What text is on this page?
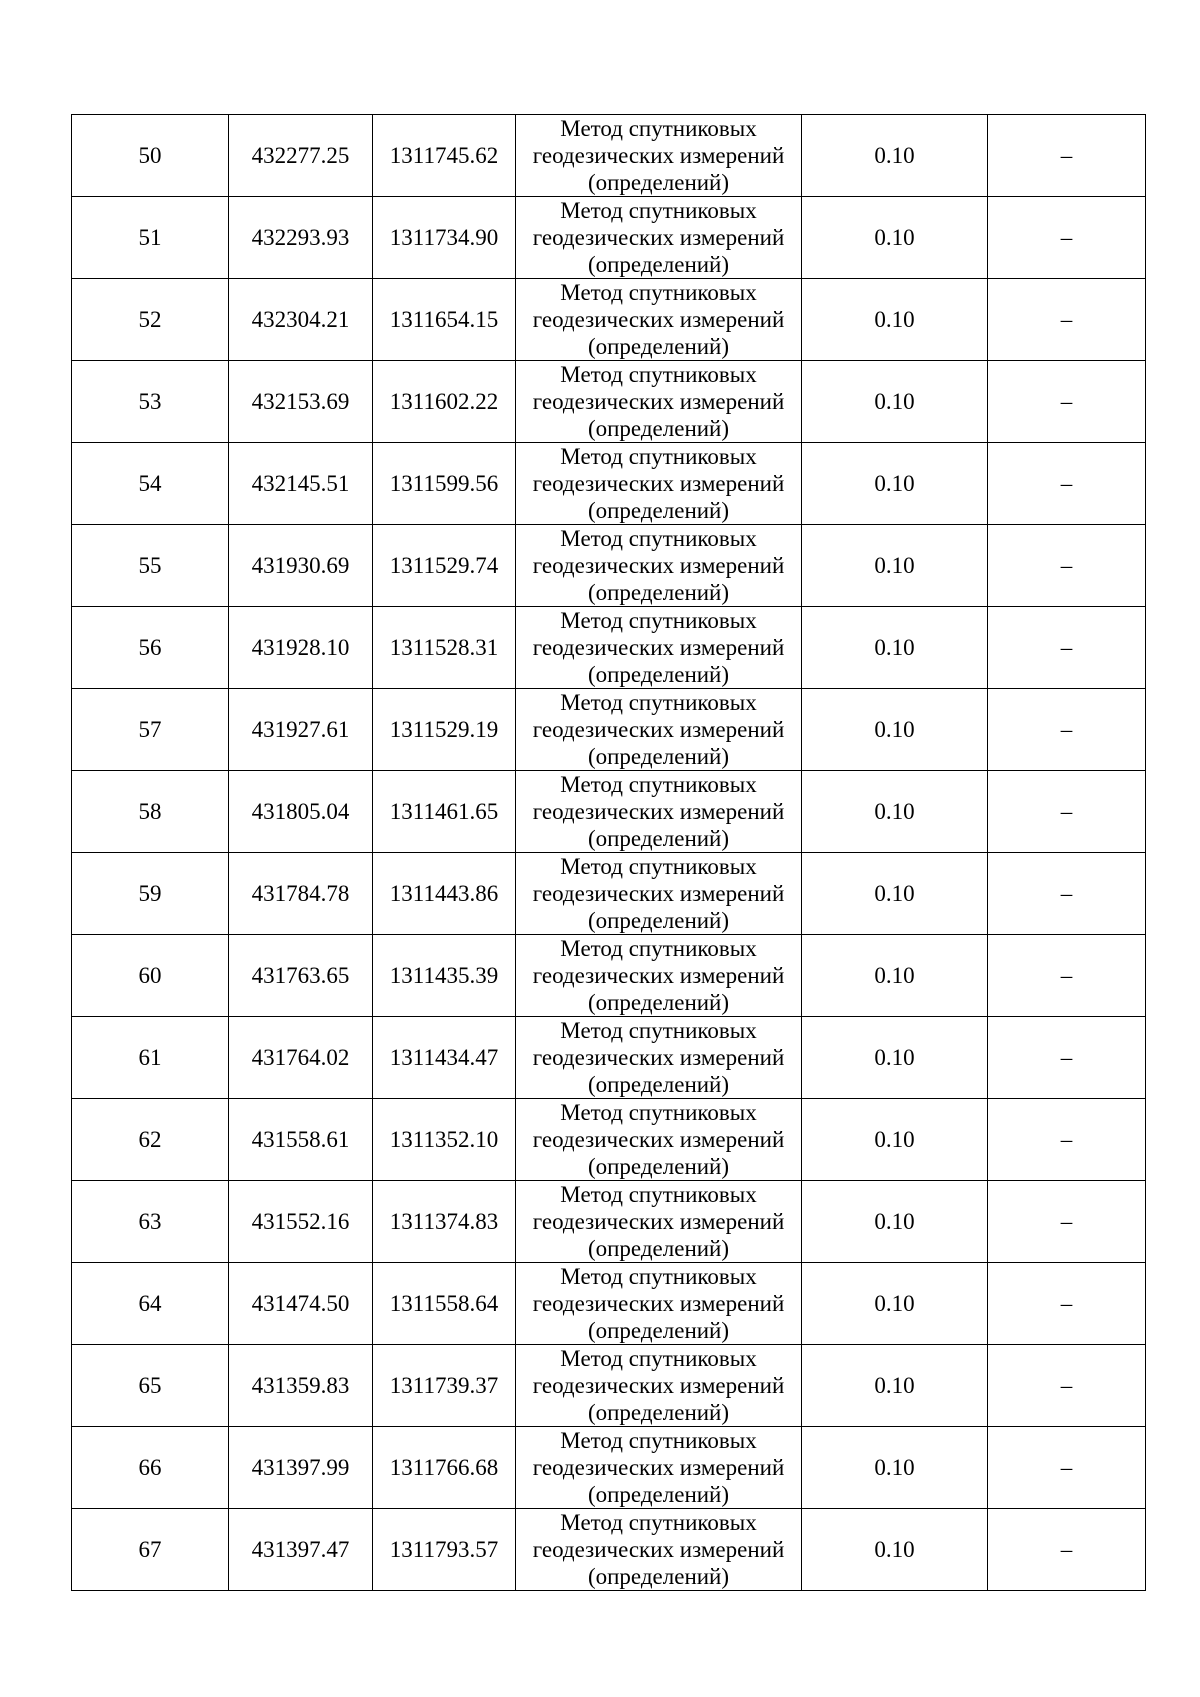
50	432277.25	1311745.62	Метод спутниковых
геодезических измерений
(определений)	0.10	–
51	432293.93	1311734.90	Метод спутниковых
геодезических измерений
(определений)	0.10	–
52	432304.21	1311654.15	Метод спутниковых
геодезических измерений
(определений)	0.10	–
53	432153.69	1311602.22	Метод спутниковых
геодезических измерений
(определений)	0.10	–
54	432145.51	1311599.56	Метод спутниковых
геодезических измерений
(определений)	0.10	–
55	431930.69	1311529.74	Метод спутниковых
геодезических измерений
(определений)	0.10	–
56	431928.10	1311528.31	Метод спутниковых
геодезических измерений
(определений)	0.10	–
57	431927.61	1311529.19	Метод спутниковых
геодезических измерений
(определений)	0.10	–
58	431805.04	1311461.65	Метод спутниковых
геодезических измерений
(определений)	0.10	–
59	431784.78	1311443.86	Метод спутниковых
геодезических измерений
(определений)	0.10	–
60	431763.65	1311435.39	Метод спутниковых
геодезических измерений
(определений)	0.10	–
61	431764.02	1311434.47	Метод спутниковых
геодезических измерений
(определений)	0.10	–
62	431558.61	1311352.10	Метод спутниковых
геодезических измерений
(определений)	0.10	–
63	431552.16	1311374.83	Метод спутниковых
геодезических измерений
(определений)	0.10	–
64	431474.50	1311558.64	Метод спутниковых
геодезических измерений
(определений)	0.10	–
65	431359.83	1311739.37	Метод спутниковых
геодезических измерений
(определений)	0.10	–
66	431397.99	1311766.68	Метод спутниковых
геодезических измерений
(определений)	0.10	–
67	431397.47	1311793.57	Метод спутниковых
геодезических измерений
(определений)	0.10	–
